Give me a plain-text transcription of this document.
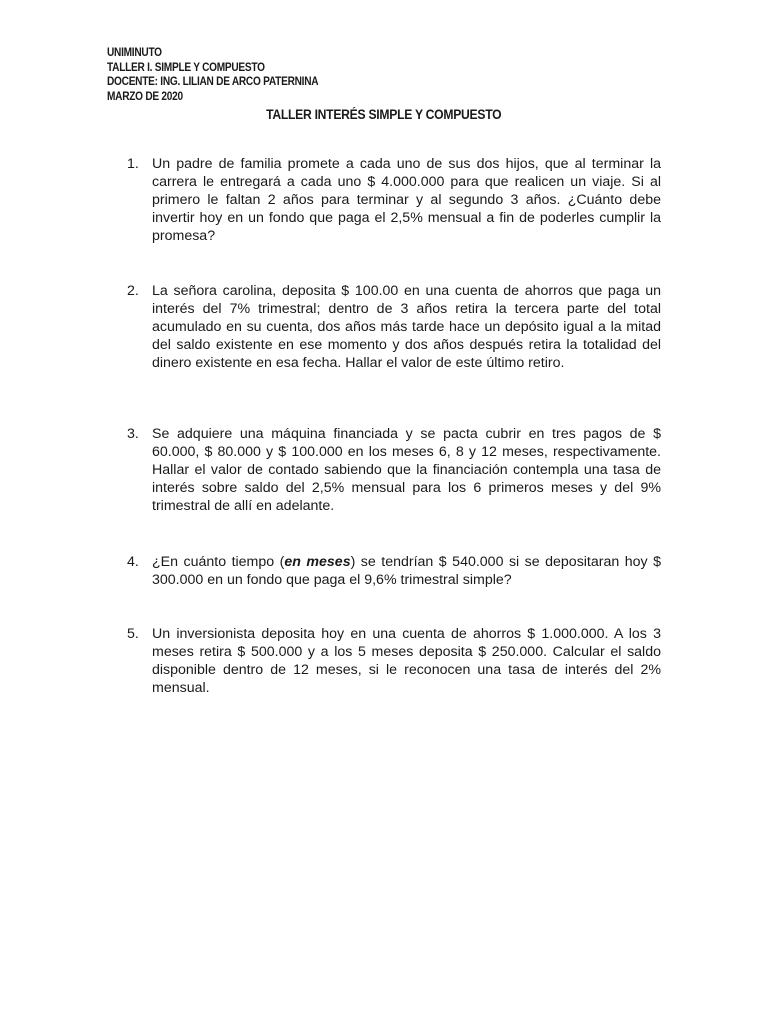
UNIMINUTO
TALLER I. SIMPLE Y COMPUESTO
DOCENTE: ING. LILIAN DE ARCO PATERNINA
MARZO DE 2020
TALLER INTERÉS SIMPLE Y COMPUESTO
1. Un padre de familia promete a cada uno de sus dos hijos, que al terminar la carrera le entregará a cada uno $ 4.000.000 para que realicen un viaje. Si al primero le faltan 2 años para terminar y al segundo 3 años. ¿Cuánto debe invertir hoy en un fondo que paga el 2,5% mensual a fin de poderles cumplir la promesa?
2. La señora carolina, deposita $ 100.00 en una cuenta de ahorros que paga un interés del 7% trimestral; dentro de 3 años retira la tercera parte del total acumulado en su cuenta, dos años más tarde hace un depósito igual a la mitad del saldo existente en ese momento y dos años después retira la totalidad del dinero existente en esa fecha. Hallar el valor de este último retiro.
3. Se adquiere una máquina financiada y se pacta cubrir en tres pagos de $ 60.000, $ 80.000 y $ 100.000 en los meses 6, 8 y 12 meses, respectivamente. Hallar el valor de contado sabiendo que la financiación contempla una tasa de interés sobre saldo del 2,5% mensual para los 6 primeros meses y del 9% trimestral de allí en adelante.
4. ¿En cuánto tiempo (en meses) se tendrían $ 540.000 si se depositaran hoy $ 300.000 en un fondo que paga el 9,6% trimestral simple?
5. Un inversionista deposita hoy en una cuenta de ahorros $ 1.000.000. A los 3 meses retira $ 500.000 y a los 5 meses deposita $ 250.000. Calcular el saldo disponible dentro de 12 meses, si le reconocen una tasa de interés del 2% mensual.
